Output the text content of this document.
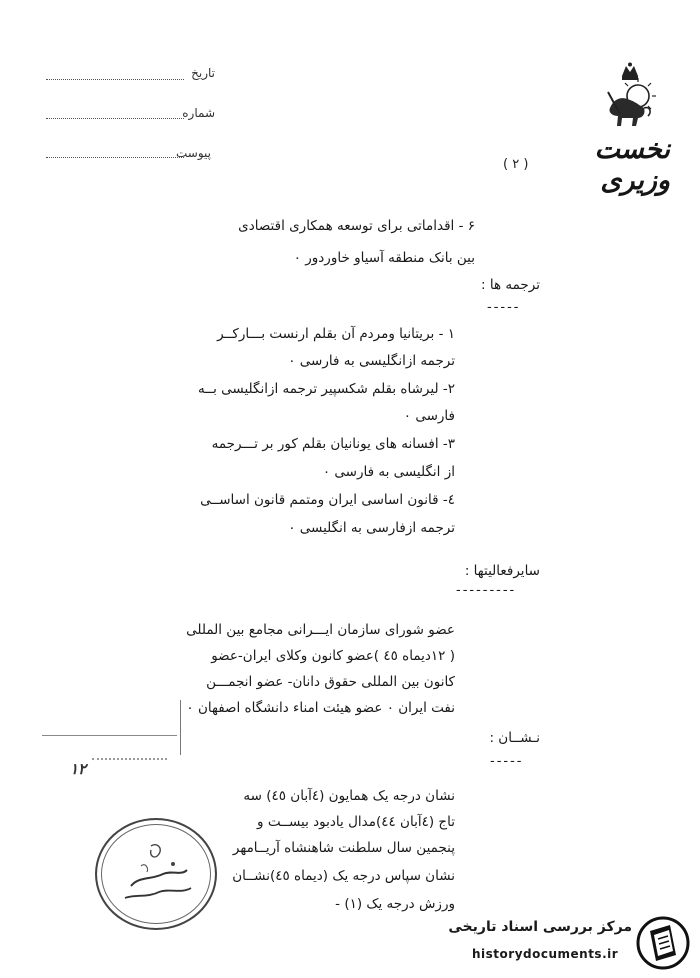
تاریخ
شماره
پیوست	نخست وزیری
( ۲ )
۶ - اقداماتی برای توسعه همکاری اقتصادی
بین بانک منطقه آسیاو خاوردور ٠
ترجمه ها :
-----
۱ - بریتانیا ومردم آن بقلم ارنست بـــارکــر
ترجمه ازانگلیسی به فارسی ٠
۲- لیرشاه بقلم شکسپیر ترجمه ازانگلیسی بــه
فارسی ٠
۳- افسانه های یونانیان بقلم کور بر تـــرجمه
از انگلیسی به فارسی ٠
٤- قانون اساسی ایران ومتمم قانون اساســی
ترجمه ازفارسی به انگلیسی ٠
سایرفعالیتها :
---------
عضو شورای سازمان ایـــرانی مجامع بین المللی
( ۱۲دیماه ٤٥ )عضو کانون وکلای ایران-عضو
کانون بین المللی حقوق دانان- عضو انجمـــن
نفت ایران ٠ عضو هیئت امناء دانشگاه اصفهان ٠
نـشــان :
-----
نشان درجه یک همایون (٤آبان ٤٥) سه
تاج (٤آبان ٤٤)مدال یادبود بیســت و
پنجمین سال سلطنت شاهنشاه آریــامهر
نشان سپاس درجه یک (دیماه ٤٥)نشــان
ورزش درجه یک (۱) -
۱۲
مرکز بررسی اسناد تاریخی
historydocuments.ir
